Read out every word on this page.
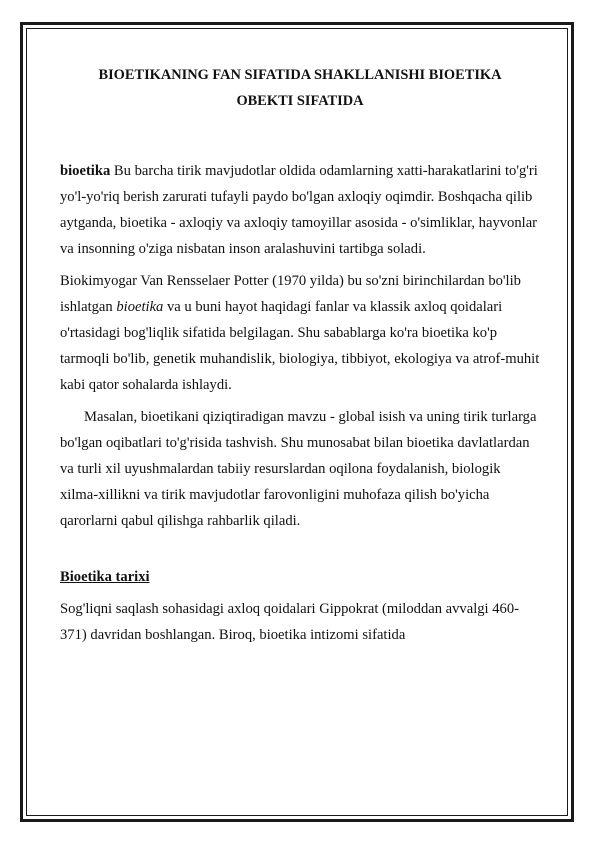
BIOETIKANING FAN SIFATIDA SHAKLLANISHI BIOETIKA
OBEKTI SIFATIDA

bioetika Bu barcha tirik mavjudotlar oldida odamlarning xatti-harakatlarini to'g'ri yo'l-yo'riq berish zarurati tufayli paydo bo'lgan axloqiy oqimdir. Boshqacha qilib aytganda, bioetika - axloqiy va axloqiy tamoyillar asosida - o'simliklar, hayvonlar va insonning o'ziga nisbatan inson aralashuvini tartibga soladi.

Biokimyogar Van Rensselaer Potter (1970 yilda) bu so'zni birinchilardan bo'lib ishlatgan bioetika va u buni hayot haqidagi fanlar va klassik axloq qoidalari o'rtasidagi bog'liqlik sifatida belgilagan. Shu sabablarga ko'ra bioetika ko'p tarmoqli bo'lib, genetik muhandislik, biologiya, tibbiyot, ekologiya va atrof-muhit kabi qator sohalarda ishlaydi.

Masalan, bioetikani qiziqtiradigan mavzu - global isish va uning tirik turlarga bo'lgan oqibatlari to'g'risida tashvish. Shu munosabat bilan bioetika davlatlardan va turli xil uyushmalardan tabiiy resurslardan oqilona foydalanish, biologik xilma-xillikni va tirik mavjudotlar farovonligini muhofaza qilish bo'yicha qarorlarni qabul qilishga rahbarlik qiladi.

Bioetika tarixi

Sog'liqni saqlash sohasidagi axloq qoidalari Gippokrat (miloddan avvalgi 460-371) davridan boshlangan. Biroq, bioetika intizomi sifatida
